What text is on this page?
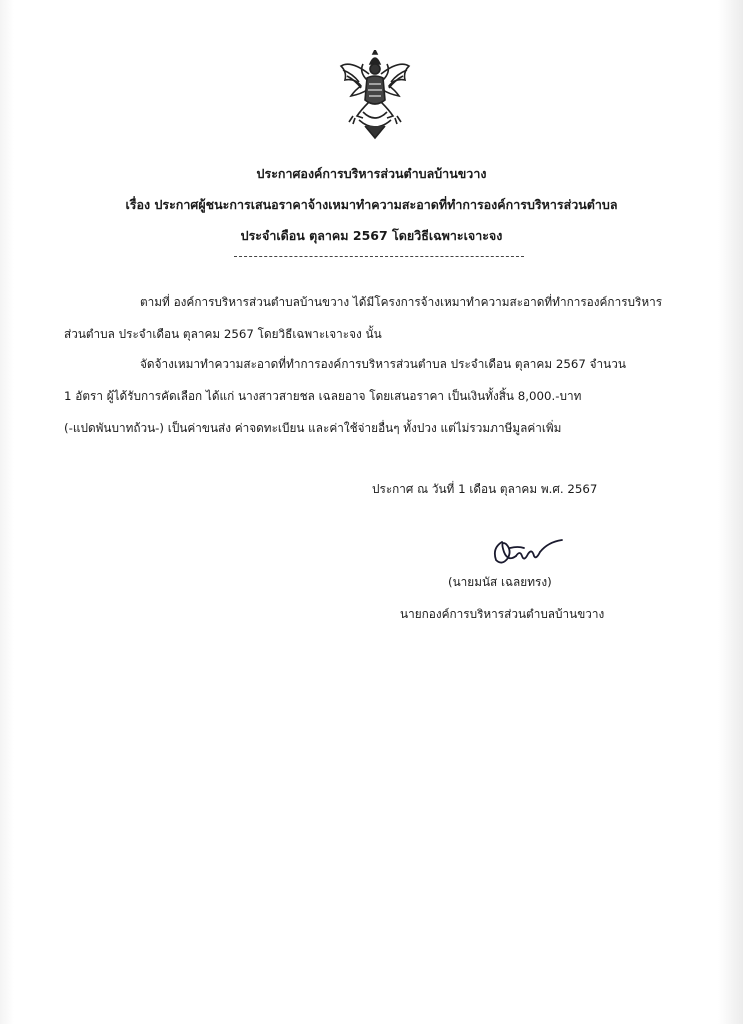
ประกาศองค์การบริหารส่วนตำบลบ้านขวาง
เรื่อง ประกาศผู้ชนะการเสนอราคาจ้างเหมาทำความสะอาดที่ทำการองค์การบริหารส่วนตำบล
ประจำเดือน ตุลาคม 2567 โดยวิธีเฉพาะเจาะจง
ตามที่ องค์การบริหารส่วนตำบลบ้านขวาง ได้มีโครงการจ้างเหมาทำความสะอาดที่ทำการองค์การบริหาร
ส่วนตำบล ประจำเดือน ตุลาคม 2567 โดยวิธีเฉพาะเจาะจง นั้น
จัดจ้างเหมาทำความสะอาดที่ทำการองค์การบริหารส่วนตำบล ประจำเดือน ตุลาคม 2567 จำนวน
1 อัตรา ผู้ได้รับการคัดเลือก ได้แก่ นางสาวสายชล เฉลยอาจ โดยเสนอราคา เป็นเงินทั้งสิ้น 8,000.-บาท
(-แปดพันบาทถ้วน-) เป็นค่าขนส่ง ค่าจดทะเบียน และค่าใช้จ่ายอื่นๆ ทั้งปวง แต่ไม่รวมภาษีมูลค่าเพิ่ม
ประกาศ ณ วันที่ 1 เดือน ตุลาคม พ.ศ. 2567
(นายมนัส เฉลยทรง)
นายกองค์การบริหารส่วนตำบลบ้านขวาง
